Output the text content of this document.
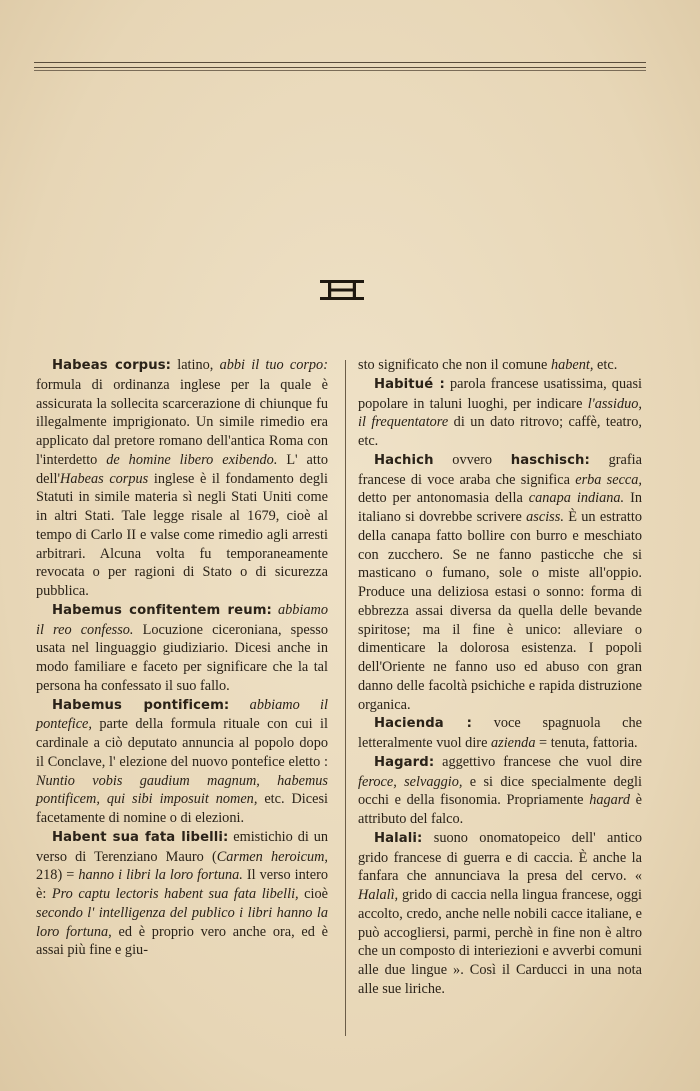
Habeas corpus: latino, abbi il tuo corpo: formula di ordinanza inglese per la quale è assicurata la sollecita scarcerazione di chiunque fu illegalmente imprigionato. Un simile rimedio era applicato dal pretore romano dell'antica Roma con l'interdetto de homine libero exibendo. L' atto dell'Habeas corpus inglese è il fondamento degli Statuti in simile materia sì negli Stati Uniti come in altri Stati. Tale legge risale al 1679, cioè al tempo di Carlo II e valse come rimedio agli arresti arbitrari. Alcuna volta fu temporaneamente revocata o per ragioni di Stato o di sicurezza pubblica.

Habemus confitentem reum: abbiamo il reo confesso. Locuzione ciceroniana, spesso usata nel linguaggio giudiziario. Dicesi anche in modo familiare e faceto per significare che la tal persona ha confessato il suo fallo.

Habemus pontificem: abbiamo il pontefice, parte della formula rituale con cui il cardinale a ciò deputato annuncia al popolo dopo il Conclave, l' elezione del nuovo pontefice eletto : Nuntio vobis gaudium magnum, habemus pontificem, qui sibi imposuit nomen, etc. Dicesi facetamente di nomine o di elezioni.

Habent sua fata libelli: emistichio di un verso di Terenziano Mauro (Carmen heroicum, 218) = hanno i libri la loro fortuna. Il verso intero è: Pro captu lectoris habent sua fata libelli, cioè secondo l' intelligenza del publico i libri hanno la loro fortuna, ed è proprio vero anche ora, ed è assai più fine e giu-

sto significato che non il comune habent, etc.

Habitué : parola francese usatissima, quasi popolare in taluni luoghi, per indicare l'assiduo, il frequentatore di un dato ritrovo; caffè, teatro, etc.

Hachich ovvero haschisch: grafia francese di voce araba che significa erba secca, detto per antonomasia della canapa indiana. In italiano si dovrebbe scrivere asciss. È un estratto della canapa fatto bollire con burro e meschiato con zucchero. Se ne fanno pasticche che si masticano o fumano, sole o miste all'oppio. Produce una deliziosa estasi o sonno: forma di ebbrezza assai diversa da quella delle bevande spiritose; ma il fine è unico: alleviare o dimenticare la dolorosa esistenza. I popoli dell'Oriente ne fanno uso ed abuso con gran danno delle facoltà psichiche e rapida distruzione organica.

Hacienda : voce spagnuola che letteralmente vuol dire azienda = tenuta, fattoria.

Hagard: aggettivo francese che vuol dire feroce, selvaggio, e si dice specialmente degli occhi e della fisonomia. Propriamente hagard è attributo del falco.

Halali: suono onomatopeico dell' antico grido francese di guerra e di caccia. È anche la fanfara che annunciava la presa del cervo. « Halalì, grido di caccia nella lingua francese, oggi accolto, credo, anche nelle nobili cacce italiane, e può accogliersi, parmi, perchè in fine non è altro che un composto di interiezioni e avverbi comuni alle due lingue ». Così il Carducci in una nota alle sue liriche.
